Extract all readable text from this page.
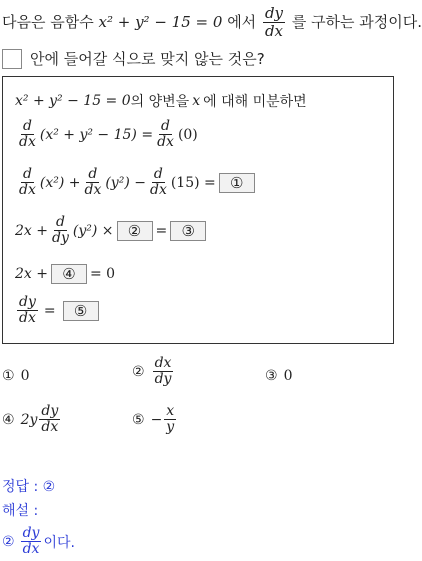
다음은 음함수 x² + y² − 15 = 0 에서 $\frac{dy}{dx}$ 를 구하는 과정이다.
안에 들어갈 식으로 맞지 않는 것은?
x² + y² − 15 = 0 의 양변을 x 에 대해 미분하면
$\frac{d}{dx} (x^2 + y^2 - 15) = \frac{d}{dx} (0)$
$\frac{d}{dx} (x^2) + \frac{d}{dx} (y^2) - \frac{d}{dx} (15)$ = ①
$2x + \frac{d}{dy} (y^2)$ × ②	= ③
2x + ④	= 0
$\frac{dy}{dx}$ =	⑤
① 0	② $\frac{dx}{dy}$	③ 0
④ $2y \frac{dy}{dx}$	⑤ − $\frac{x}{y}$
정답 : ②
해설 :
② $\frac{dy}{dx}$ 이다.
